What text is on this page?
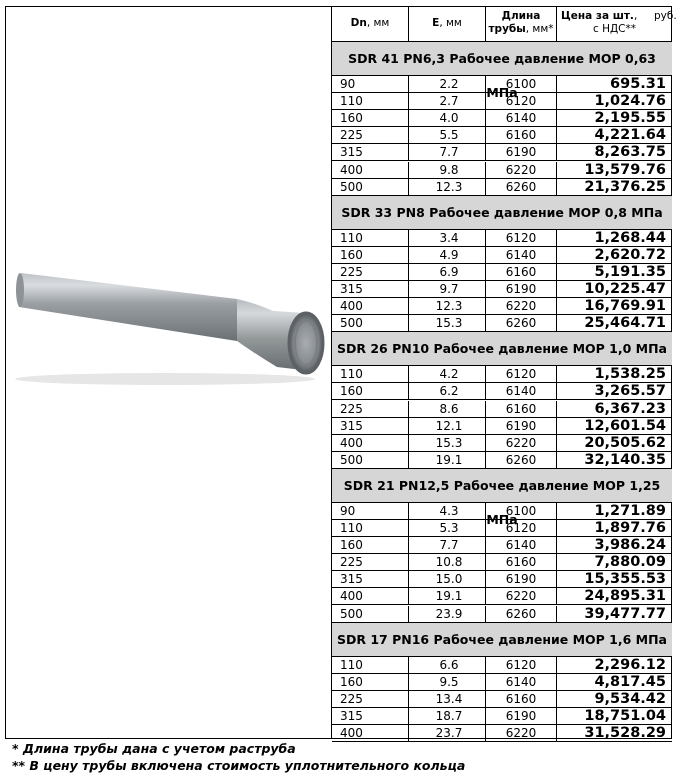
Dn, мм	E, мм
Длина
трубы, мм*
Цена за шт.,     руб.
с НДС**
SDR 41 PN6,3 Рабочее давление MOP 0,63 МПа
90	2.2	6100	695.31
110	2.7	6120	1,024.76
160	4.0	6140	2,195.55
225	5.5	6160	4,221.64
315	7.7	6190	8,263.75
400	9.8	6220	13,579.76
500	12.3	6260	21,376.25
SDR 33 PN8 Рабочее давление MOP 0,8 МПа
110	3.4	6120	1,268.44
160	4.9	6140	2,620.72
225	6.9	6160	5,191.35
315	9.7	6190	10,225.47
400	12.3	6220	16,769.91
500	15.3	6260	25,464.71
SDR 26 PN10 Рабочее давление MOP 1,0 МПа
110	4.2	6120	1,538.25
160	6.2	6140	3,265.57
225	8.6	6160	6,367.23
315	12.1	6190	12,601.54
400	15.3	6220	20,505.62
500	19.1	6260	32,140.35
SDR 21 PN12,5 Рабочее давление MOP 1,25 МПа
90	4.3	6100	1,271.89
110	5.3	6120	1,897.76
160	7.7	6140	3,986.24
225	10.8	6160	7,880.09
315	15.0	6190	15,355.53
400	19.1	6220	24,895.31
500	23.9	6260	39,477.77
SDR 17 PN16 Рабочее давление MOP 1,6 МПа
110	6.6	6120	2,296.12
160	9.5	6140	4,817.45
225	13.4	6160	9,534.42
315	18.7	6190	18,751.04
400	23.7	6220	31,528.29
* Длина трубы дана с учетом раструба
** В цену трубы включена стоимость уплотнительного кольца
